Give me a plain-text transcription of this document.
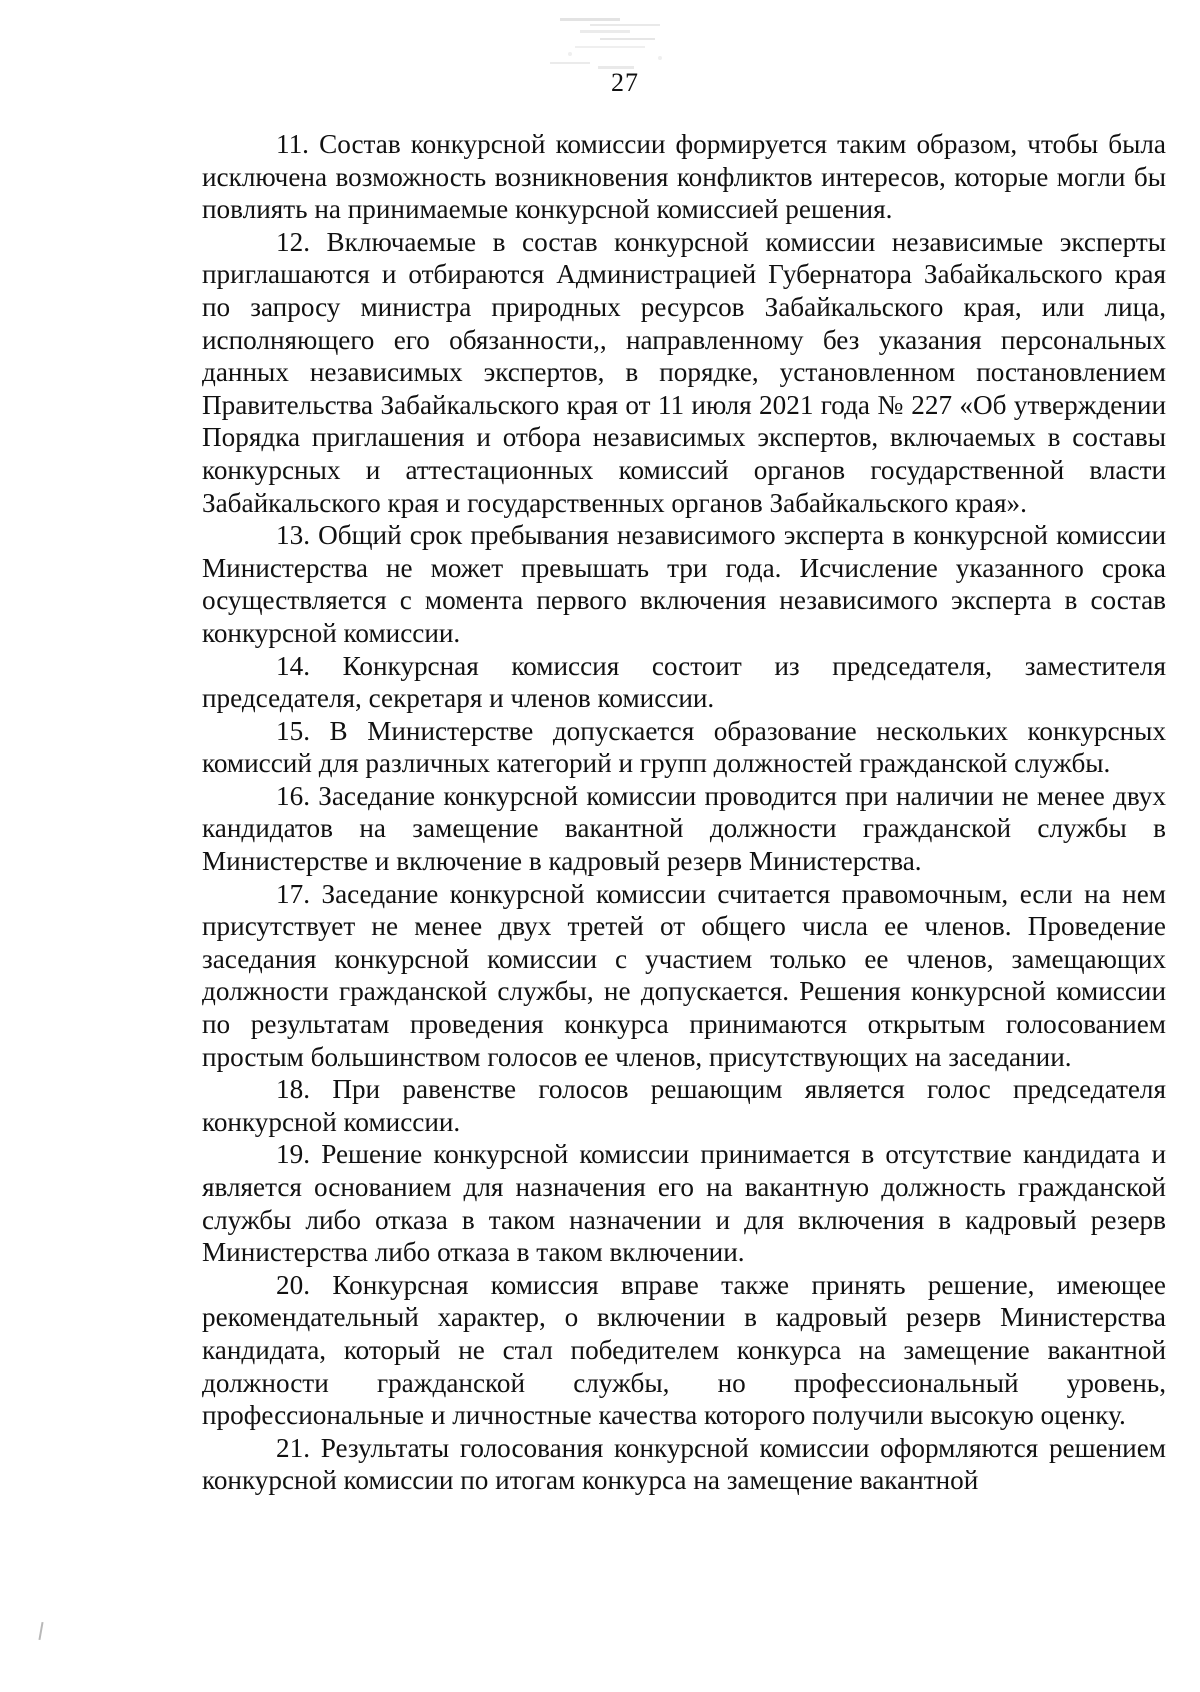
27

11. Состав конкурсной комиссии формируется таким образом, чтобы была исключена возможность возникновения конфликтов интересов, которые могли бы повлиять на принимаемые конкурсной комиссией решения.

12. Включаемые в состав конкурсной комиссии независимые эксперты приглашаются и отбираются Администрацией Губернатора Забайкальского края по запросу министра природных ресурсов Забайкальского края, или лица, исполняющего его обязанности,, направленному без указания персональных данных независимых экспертов, в порядке, установленном постановлением Правительства Забайкальского края от 11 июля 2021 года № 227 «Об утверждении Порядка приглашения и отбора независимых экспертов, включаемых в составы конкурсных и аттестационных комиссий органов государственной власти Забайкальского края и государственных органов Забайкальского края».

13. Общий срок пребывания независимого эксперта в конкурсной комиссии Министерства не может превышать три года. Исчисление указанного срока осуществляется с момента первого включения независимого эксперта в состав конкурсной комиссии.

14. Конкурсная комиссия состоит из председателя, заместителя председателя, секретаря и членов комиссии.

15. В Министерстве допускается образование нескольких конкурсных комиссий для различных категорий и групп должностей гражданской службы.

16. Заседание конкурсной комиссии проводится при наличии не менее двух кандидатов на замещение вакантной должности гражданской службы в Министерстве и включение в кадровый резерв Министерства.

17. Заседание конкурсной комиссии считается правомочным, если на нем присутствует не менее двух третей от общего числа ее членов. Проведение заседания конкурсной комиссии с участием только ее членов, замещающих должности гражданской службы, не допускается. Решения конкурсной комиссии по результатам проведения конкурса принимаются открытым голосованием простым большинством голосов ее членов, присутствующих на заседании.

18. При равенстве голосов решающим является голос председателя конкурсной комиссии.

19. Решение конкурсной комиссии принимается в отсутствие кандидата и является основанием для назначения его на вакантную должность гражданской службы либо отказа в таком назначении и для включения в кадровый резерв Министерства либо отказа в таком включении.

20. Конкурсная комиссия вправе также принять решение, имеющее рекомендательный характер, о включении в кадровый резерв Министерства кандидата, который не стал победителем конкурса на замещение вакантной должности гражданской службы, но профессиональный уровень, профессиональные и личностные качества которого получили высокую оценку.

21. Результаты голосования конкурсной комиссии оформляются решением конкурсной комиссии по итогам конкурса на замещение вакантной
